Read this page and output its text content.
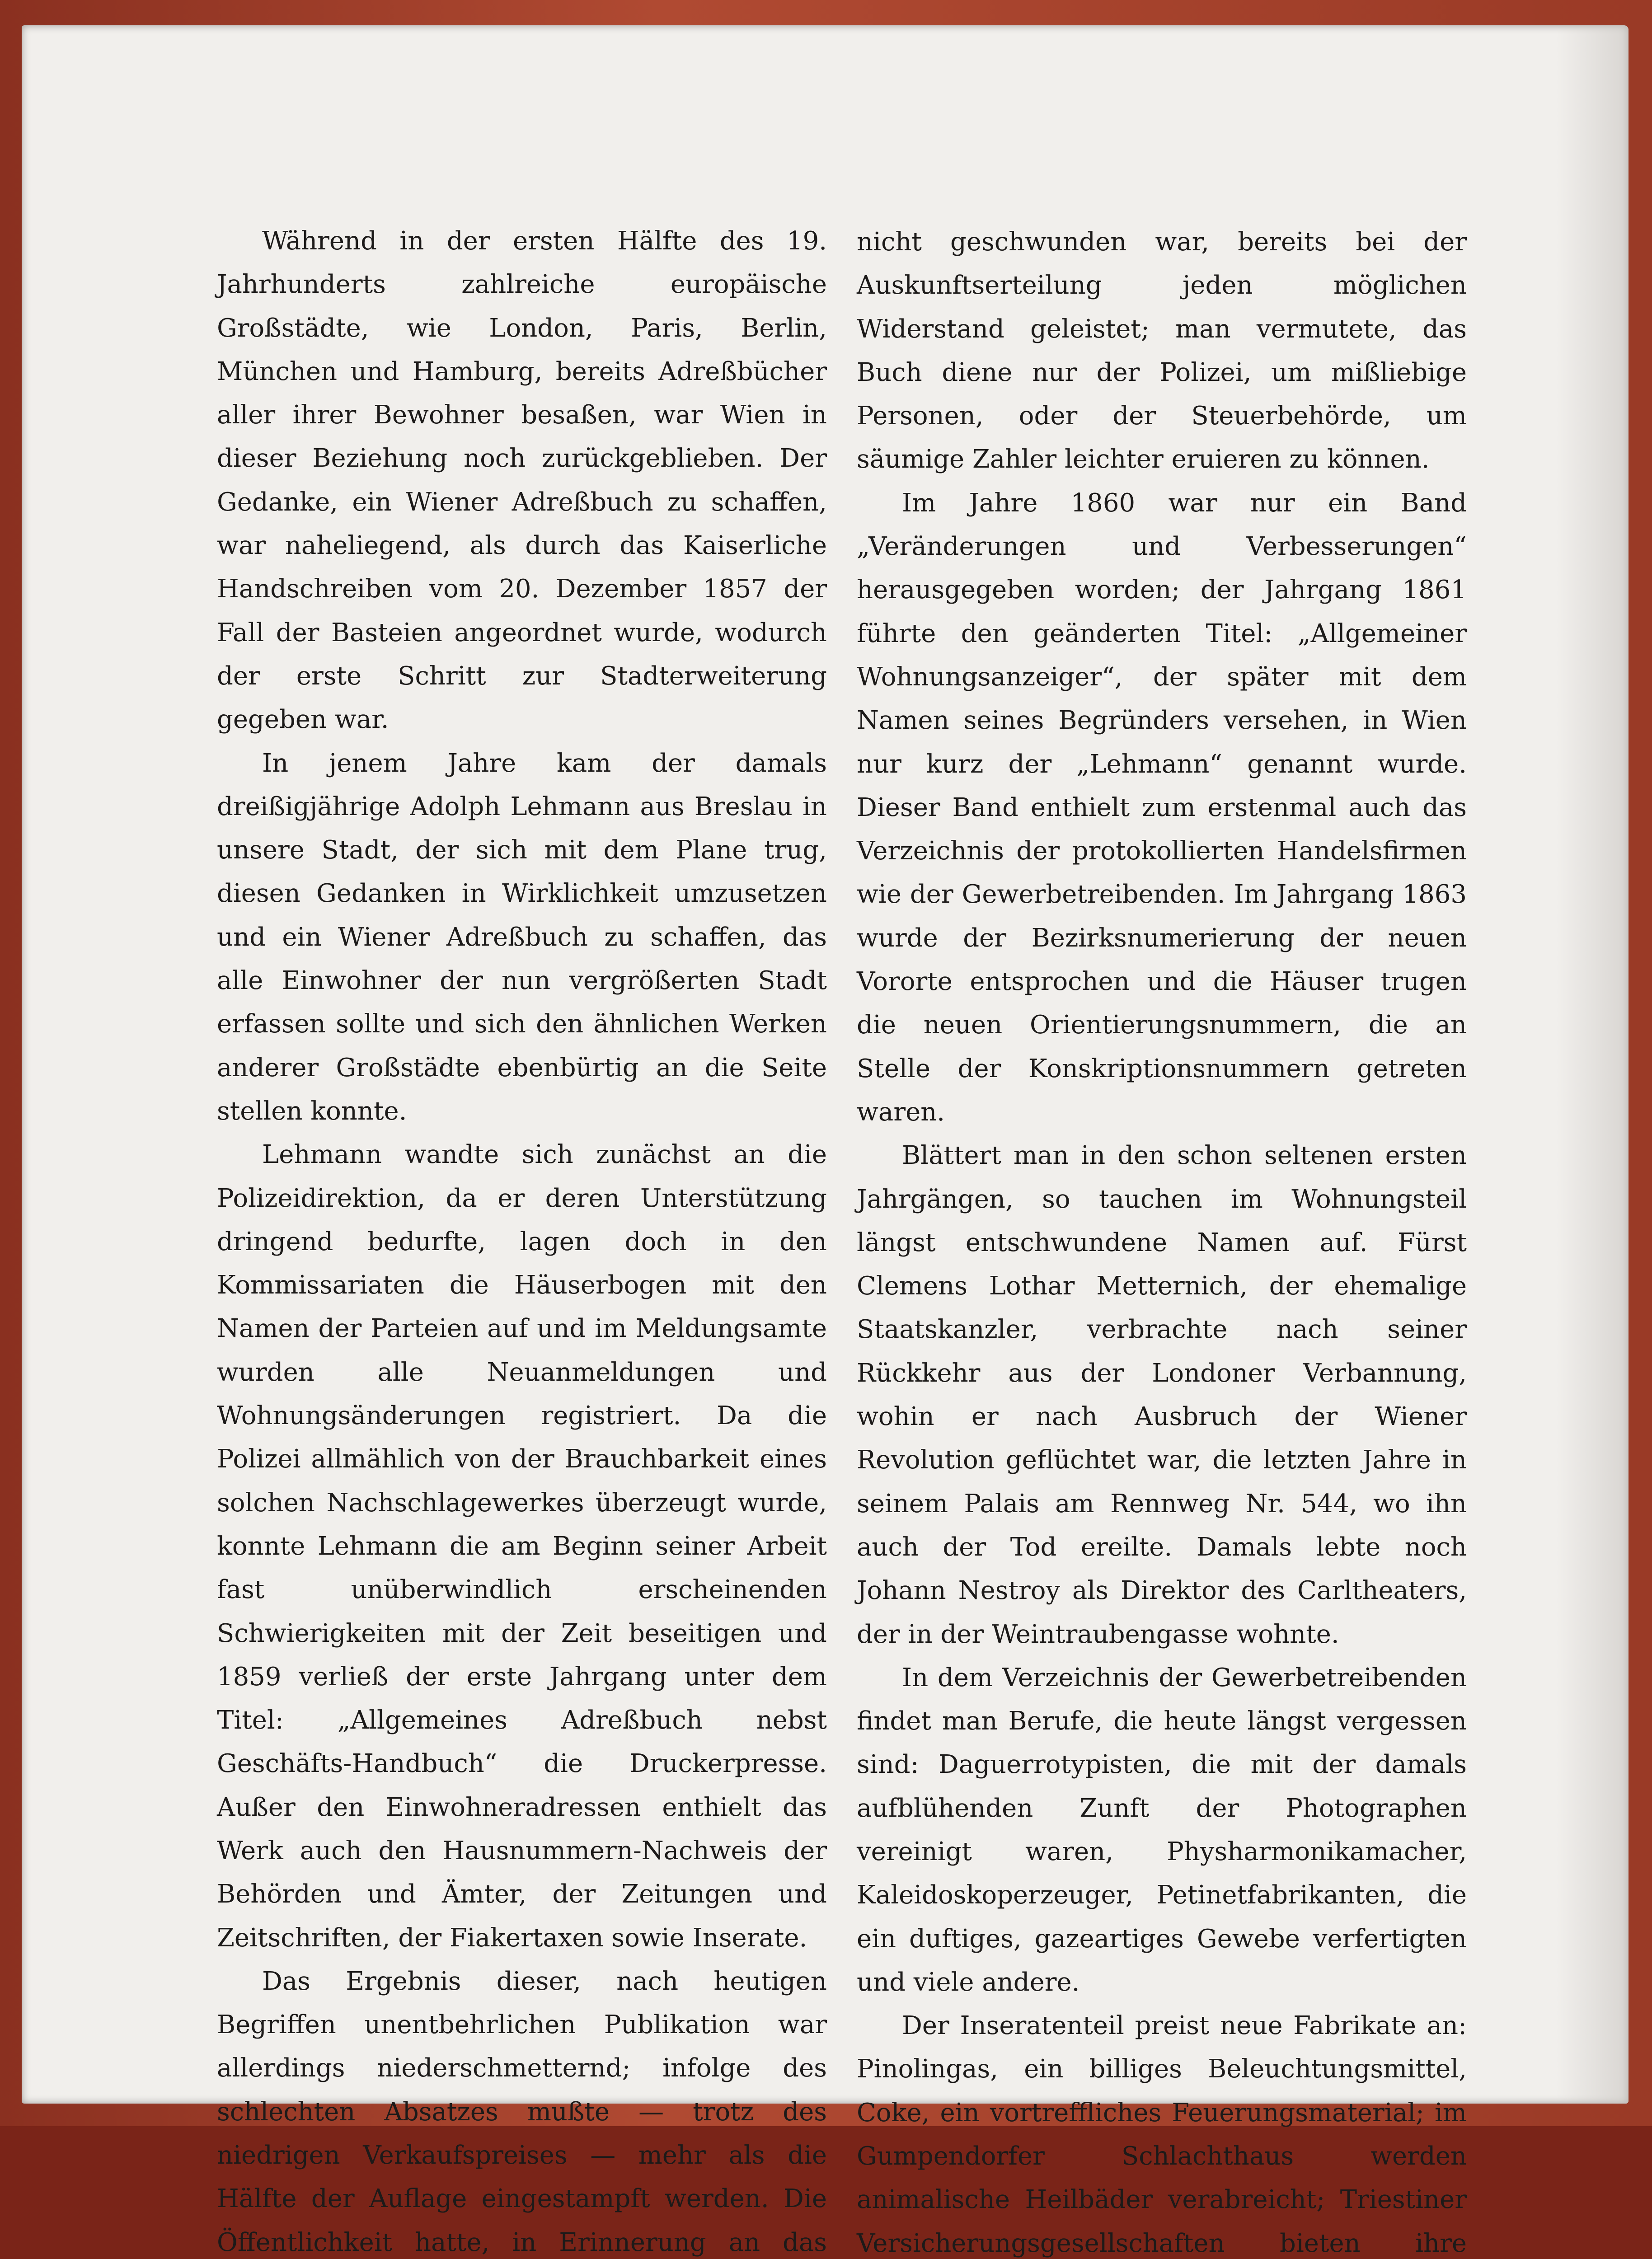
Während in der ersten Hälfte des 19. Jahrhunderts zahlreiche europäische Großstädte, wie London, Paris, Berlin, München und Hamburg, bereits Adreßbücher aller ihrer Bewohner besaßen, war Wien in dieser Beziehung noch zurückgeblieben. Der Gedanke, ein Wiener Adreßbuch zu schaffen, war naheliegend, als durch das Kaiserliche Handschreiben vom 20. Dezember 1857 der Fall der Basteien angeordnet wurde, wodurch der erste Schritt zur Stadterweiterung gegeben war.

In jenem Jahre kam der damals dreißigjährige Adolph Lehmann aus Breslau in unsere Stadt, der sich mit dem Plane trug, diesen Gedanken in Wirklichkeit umzusetzen und ein Wiener Adreßbuch zu schaffen, das alle Einwohner der nun vergrößerten Stadt erfassen sollte und sich den ähnlichen Werken anderer Großstädte ebenbürtig an die Seite stellen konnte.

Lehmann wandte sich zunächst an die Polizeidirektion, da er deren Unterstützung dringend bedurfte, lagen doch in den Kommissariaten die Häuserbogen mit den Namen der Parteien auf und im Meldungsamte wurden alle Neuanmeldungen und Wohnungsänderungen registriert. Da die Polizei allmählich von der Brauchbarkeit eines solchen Nachschlagewerkes überzeugt wurde, konnte Lehmann die am Beginn seiner Arbeit fast unüberwindlich erscheinenden Schwierigkeiten mit der Zeit beseitigen und 1859 verließ der erste Jahrgang unter dem Titel: „Allgemeines Adreßbuch nebst Geschäfts-Handbuch“ die Druckerpresse. Außer den Einwohneradressen enthielt das Werk auch den Hausnummern-Nachweis der Behörden und Ämter, der Zeitungen und Zeitschriften, der Fiakertaxen sowie Inserate.

Das Ergebnis dieser, nach heutigen Begriffen unentbehrlichen Publikation war allerdings niederschmetternd; infolge des schlechten Absatzes mußte — trotz des niedrigen Verkaufspreises — mehr als die Hälfte der Auflage eingestampft werden. Die Öffentlichkeit hatte, in Erinnerung an das

nicht geschwunden war, bereits bei der Auskunftserteilung jeden möglichen Widerstand geleistet; man vermutete, das Buch diene nur der Polizei, um mißliebige Personen, oder der Steuerbehörde, um säumige Zahler leichter eruieren zu können.

Im Jahre 1860 war nur ein Band „Veränderungen und Verbesserungen“ herausgegeben worden; der Jahrgang 1861 führte den geänderten Titel: „Allgemeiner Wohnungsanzeiger“, der später mit dem Namen seines Begründers versehen, in Wien nur kurz der „Lehmann“ genannt wurde. Dieser Band enthielt zum erstenmal auch das Verzeichnis der protokollierten Handelsfirmen wie der Gewerbetreibenden. Im Jahrgang 1863 wurde der Bezirksnumerierung der neuen Vororte entsprochen und die Häuser trugen die neuen Orientierungsnummern, die an Stelle der Konskriptionsnummern getreten waren.

Blättert man in den schon seltenen ersten Jahrgängen, so tauchen im Wohnungsteil längst entschwundene Namen auf. Fürst Clemens Lothar Metternich, der ehemalige Staatskanzler, verbrachte nach seiner Rückkehr aus der Londoner Verbannung, wohin er nach Ausbruch der Wiener Revolution geflüchtet war, die letzten Jahre in seinem Palais am Rennweg Nr. 544, wo ihn auch der Tod ereilte. Damals lebte noch Johann Nestroy als Direktor des Carltheaters, der in der Weintraubengasse wohnte.

In dem Verzeichnis der Gewerbetreibenden findet man Berufe, die heute längst vergessen sind: Daguerrotypisten, die mit der damals aufblühenden Zunft der Photographen vereinigt waren, Physharmonikamacher, Kaleidoskoperzeuger, Petinetfabrikanten, die ein duftiges, gazeartiges Gewebe verfertigten und viele andere.

Der Inseratenteil preist neue Fabrikate an: Pinolingas, ein billiges Beleuchtungsmittel, Coke, ein vortreffliches Feuerungsmaterial; im Gumpendorfer Schlachthaus werden animalische Heilbäder verabreicht; Triestiner Versicherungsgesellschaften bieten ihre
